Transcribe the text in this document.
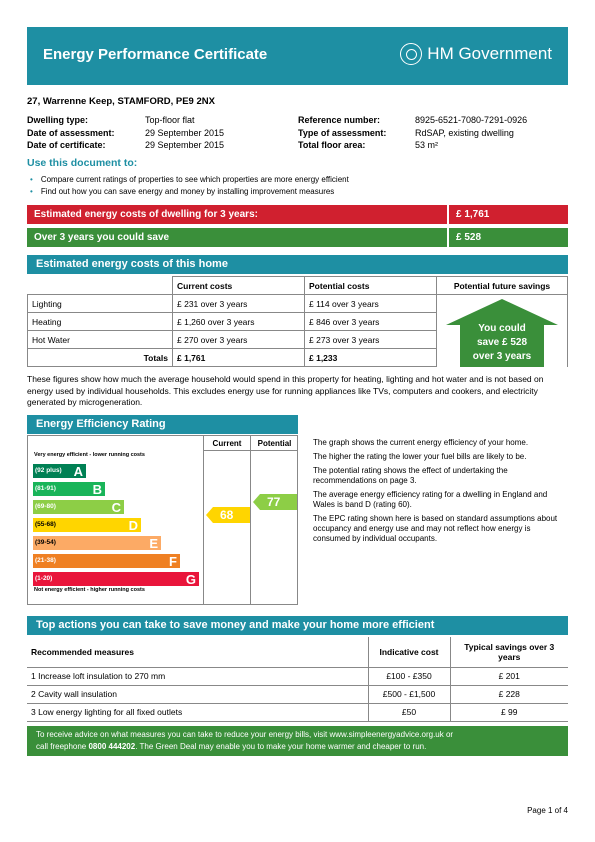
Energy Performance Certificate	HM Government
27, Warrenne Keep, STAMFORD, PE9 2NX
Dwelling type:	Top-floor flat
Date of assessment:	29 September 2015
Date of certificate:	29 September 2015
Reference number:	8925-6521-7080-7291-0926
Type of assessment:	RdSAP, existing dwelling
Total floor area:	53 m²
Use this document to:
• Compare current ratings of properties to see which properties are more energy efficient
• Find out how you can save energy and money by installing improvement measures
Estimated energy costs of dwelling for 3 years:	£ 1,761
Over 3 years you could save	£ 528
Estimated energy costs of this home
	Current costs	Potential costs	Potential future savings
Lighting	£ 231 over 3 years	£ 114 over 3 years	
Heating	£ 1,260 over 3 years	£ 846 over 3 years	
Hot Water	£ 270 over 3 years	£ 273 over 3 years	
Totals	£ 1,761	£ 1,233	
You could
save £ 528
over 3 years
These figures show how much the average household would spend in this property for heating, lighting and hot water and is not based on energy used by individual households. This excludes energy use for running appliances like TVs, computers and cookers, and electricity generated by microgeneration.
Energy Efficiency Rating
Current	Potential
Very energy efficient - lower running costs
Not energy efficient - higher running costs
(92 plus) A
(81-91)	B
(69-80)	C
(55-68)	D
(39-54)	E
(21-38)	F
(1-20)	G
68
77

The graph shows the current energy efficiency of your home.

The higher the rating the lower your fuel bills are likely to be.

The potential rating shows the effect of undertaking the recommendations on page 3.

The average energy efficiency rating for a dwelling in England and Wales is band D (rating 60).

The EPC rating shown here is based on standard assumptions about occupancy and energy use and may not reflect how energy is consumed by individual occupants.

Top actions you can take to save money and make your home more efficient
Recommended measures	Indicative cost	Typical savings over 3 years
1 Increase loft insulation to 270 mm	£100 - £350	£ 201
2 Cavity wall insulation	£500 - £1,500	£ 228
3 Low energy lighting for all fixed outlets	£50	£ 99
To receive advice on what measures you can take to reduce your energy bills, visit www.simpleenergyadvice.org.uk or
call freephone 0800 444202. The Green Deal may enable you to make your home warmer and cheaper to run.
Page 1 of 4
